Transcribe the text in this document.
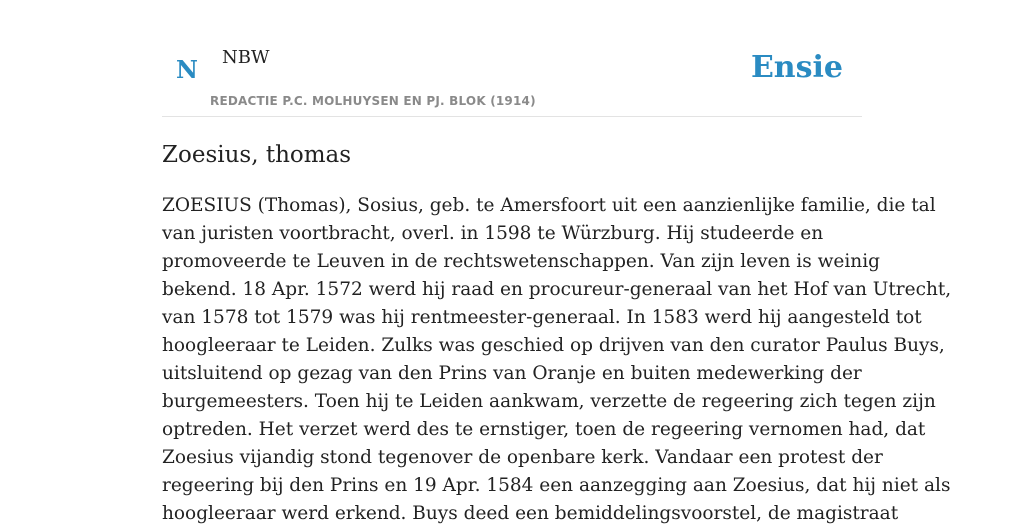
N NBW
REDACTIE P.C. MOLHUYSEN EN PJ. BLOK (1914)
Ensie
Zoesius, thomas

ZOESIUS (Thomas), Sosius, geb. te Amersfoort uit een aanzienlijke familie, die tal
van juristen voortbracht, overl. in 1598 te Würzburg. Hij studeerde en
promoveerde te Leuven in de rechtswetenschappen. Van zijn leven is weinig
bekend. 18 Apr. 1572 werd hij raad en procureur-generaal van het Hof van Utrecht,
van 1578 tot 1579 was hij rentmeester-generaal. In 1583 werd hij aangesteld tot
hoogleeraar te Leiden. Zulks was geschied op drijven van den curator Paulus Buys,
uitsluitend op gezag van den Prins van Oranje en buiten medewerking der
burgemeesters. Toen hij te Leiden aankwam, verzette de regeering zich tegen zijn
optreden. Het verzet werd des te ernstiger, toen de regeering vernomen had, dat
Zoesius vijandig stond tegenover de openbare kerk. Vandaar een protest der
regeering bij den Prins en 19 Apr. 1584 een aanzegging aan Zoesius, dat hij niet als
hoogleeraar werd erkend. Buys deed een bemiddelingsvoorstel, de magistraat
